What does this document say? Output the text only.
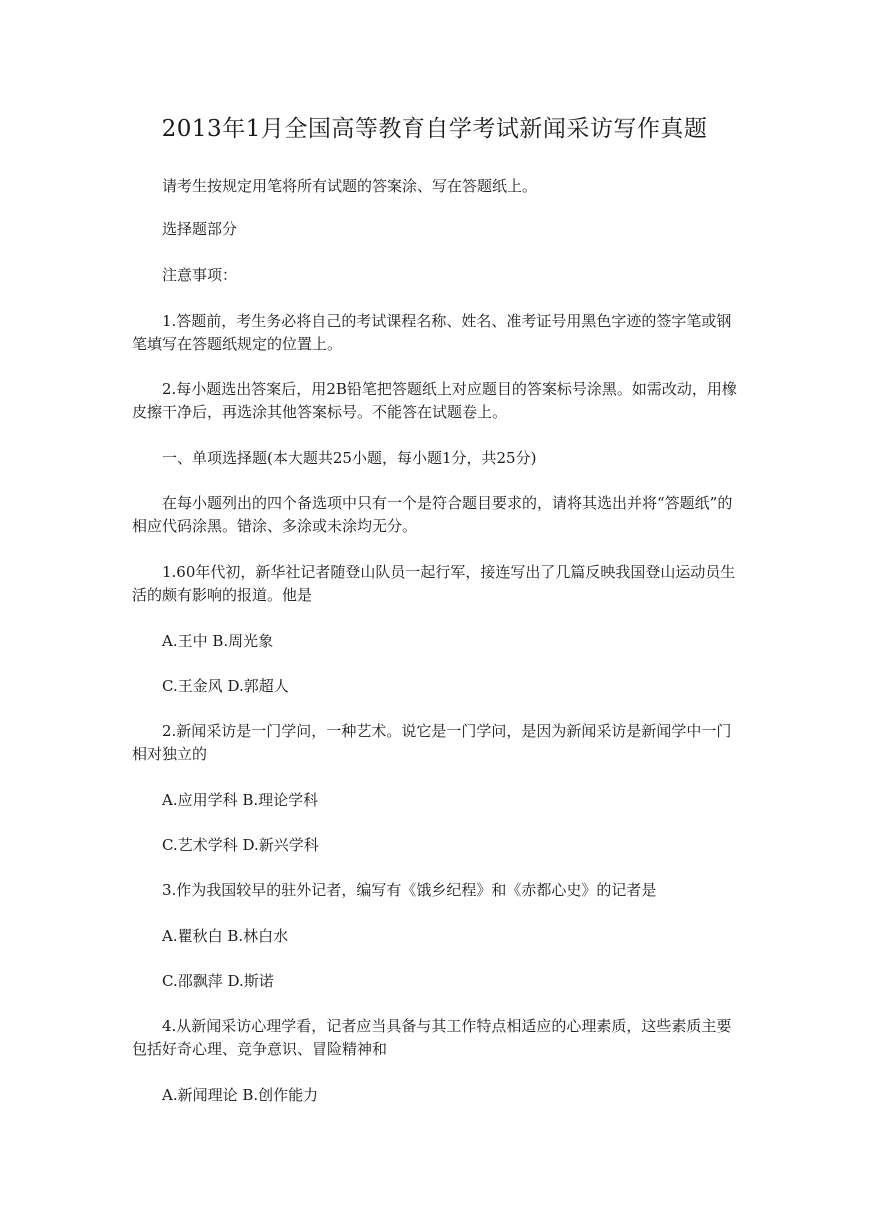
2013年1月全国高等教育自学考试新闻采访写作真题

请考生按规定用笔将所有试题的答案涂、写在答题纸上。

选择题部分

注意事项：

1.答题前，考生务必将自己的考试课程名称、姓名、准考证号用黑色字迹的签字笔或钢笔填写在答题纸规定的位置上。

2.每小题选出答案后，用2B铅笔把答题纸上对应题目的答案标号涂黑。如需改动，用橡皮擦干净后，再选涂其他答案标号。不能答在试题卷上。

一、单项选择题(本大题共25小题，每小题1分，共25分)

在每小题列出的四个备选项中只有一个是符合题目要求的，请将其选出并将“答题纸”的相应代码涂黑。错涂、多涂或未涂均无分。

1.60年代初，新华社记者随登山队员一起行军，接连写出了几篇反映我国登山运动员生活的颇有影响的报道。他是

A.王中 B.周光象

C.王金风 D.郭超人

2.新闻采访是一门学问，一种艺术。说它是一门学问，是因为新闻采访是新闻学中一门相对独立的

A.应用学科 B.理论学科

C.艺术学科 D.新兴学科

3.作为我国较早的驻外记者，编写有《饿乡纪程》和《赤都心史》的记者是

A.瞿秋白 B.林白水

C.邵飘萍 D.斯诺

4.从新闻采访心理学看，记者应当具备与其工作特点相适应的心理素质，这些素质主要包括好奇心理、竞争意识、冒险精神和

A.新闻理论 B.创作能力
